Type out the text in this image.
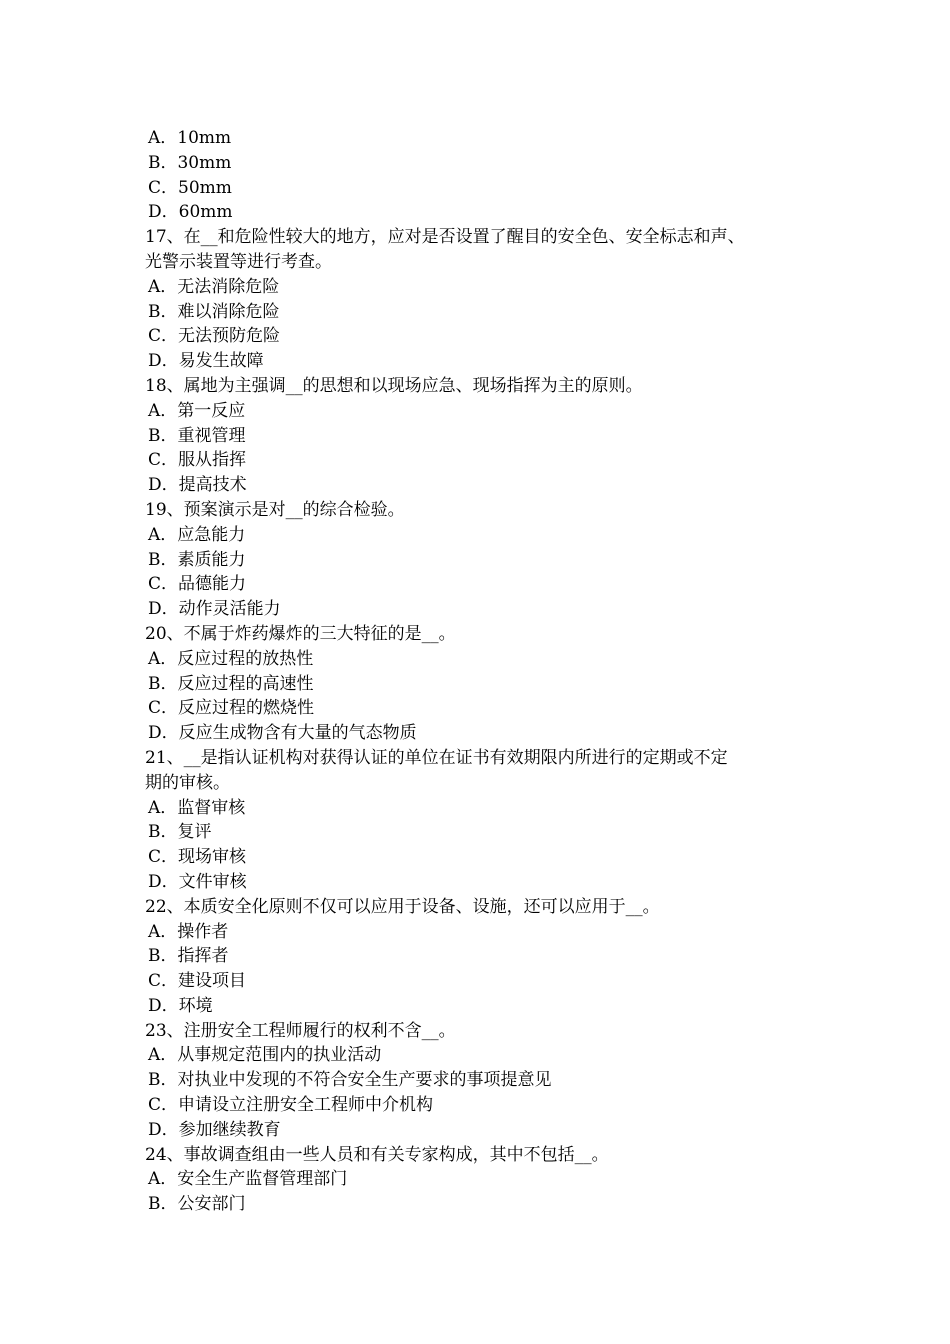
A．10mm
B．30mm
C．50mm
D．60mm
17、在__和危险性较大的地方，应对是否设置了醒目的安全色、安全标志和声、
光警示装置等进行考查。
A．无法消除危险
B．难以消除危险
C．无法预防危险
D．易发生故障
18、属地为主强调__的思想和以现场应急、现场指挥为主的原则。
A．第一反应
B．重视管理
C．服从指挥
D．提高技术
19、预案演示是对__的综合检验。
A．应急能力
B．素质能力
C．品德能力
D．动作灵活能力
20、不属于炸药爆炸的三大特征的是__。
A．反应过程的放热性
B．反应过程的高速性
C．反应过程的燃烧性
D．反应生成物含有大量的气态物质
21、__是指认证机构对获得认证的单位在证书有效期限内所进行的定期或不定
期的审核。
A．监督审核
B．复评
C．现场审核
D．文件审核
22、本质安全化原则不仅可以应用于设备、设施，还可以应用于__。
A．操作者
B．指挥者
C．建设项目
D．环境
23、注册安全工程师履行的权利不含__。
A．从事规定范围内的执业活动
B．对执业中发现的不符合安全生产要求的事项提意见
C．申请设立注册安全工程师中介机构
D．参加继续教育
24、事故调查组由一些人员和有关专家构成，其中不包括__。
A．安全生产监督管理部门
B．公安部门
